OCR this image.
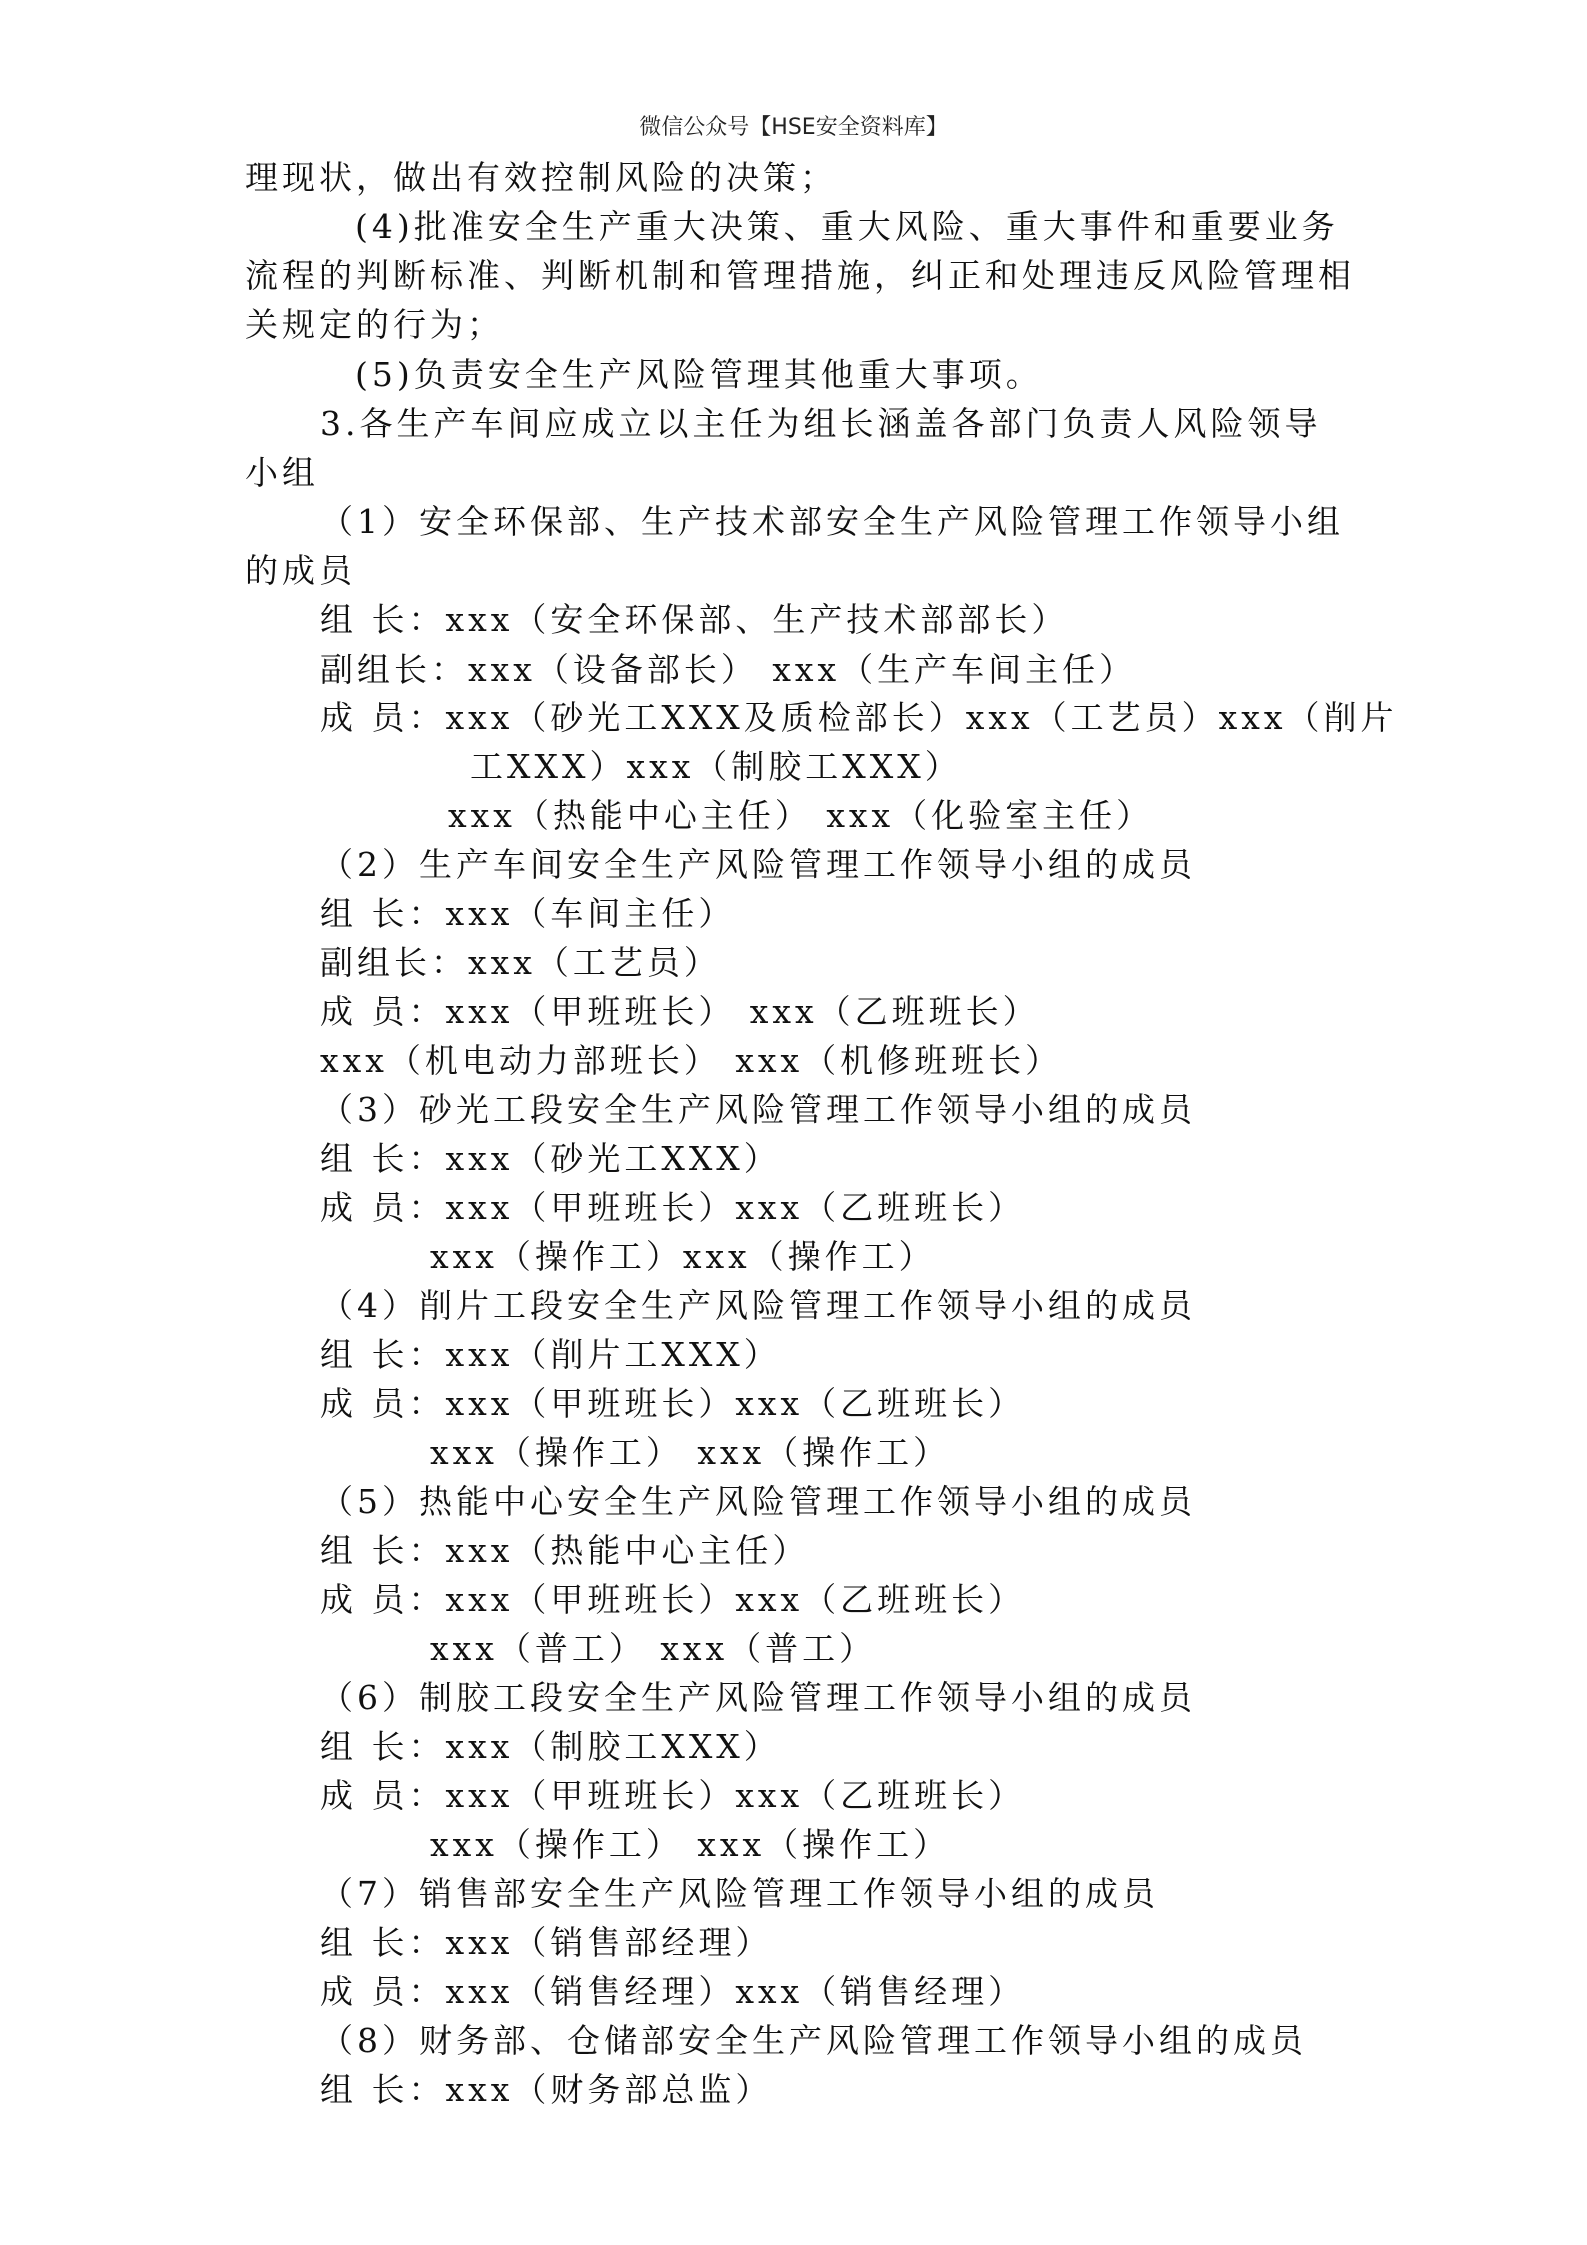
微信公众号【HSE安全资料库】
理现状，做出有效控制风险的决策；
(4)批准安全生产重大决策、重大风险、重大事件和重要业务
流程的判断标准、判断机制和管理措施，纠正和处理违反风险管理相
关规定的行为；
(5)负责安全生产风险管理其他重大事项。
3.各生产车间应成立以主任为组长涵盖各部门负责人风险领导
小组
（1）安全环保部、生产技术部安全生产风险管理工作领导小组
的成员
组 长：xxx（安全环保部、生产技术部部长）
副组长：xxx（设备部长） xxx（生产车间主任）
成 员：xxx（砂光工XXX及质检部长）xxx（工艺员）xxx（削片
工XXX）xxx（制胶工XXX）
xxx（热能中心主任） xxx（化验室主任）
（2）生产车间安全生产风险管理工作领导小组的成员
组 长：xxx（车间主任）
副组长：xxx（工艺员）
成 员：xxx（甲班班长） xxx（乙班班长）
xxx（机电动力部班长） xxx（机修班班长）
（3）砂光工段安全生产风险管理工作领导小组的成员
组 长：xxx（砂光工XXX）
成 员：xxx（甲班班长）xxx（乙班班长）
xxx（操作工）xxx（操作工）
（4）削片工段安全生产风险管理工作领导小组的成员
组 长：xxx（削片工XXX）
成 员：xxx（甲班班长）xxx（乙班班长）
xxx（操作工） xxx（操作工）
（5）热能中心安全生产风险管理工作领导小组的成员
组 长：xxx（热能中心主任）
成 员：xxx（甲班班长）xxx（乙班班长）
xxx（普工） xxx（普工）
（6）制胶工段安全生产风险管理工作领导小组的成员
组 长：xxx（制胶工XXX）
成 员：xxx（甲班班长）xxx（乙班班长）
xxx（操作工） xxx（操作工）
（7）销售部安全生产风险管理工作领导小组的成员
组 长：xxx（销售部经理）
成 员：xxx（销售经理）xxx（销售经理）
（8）财务部、仓储部安全生产风险管理工作领导小组的成员
组 长：xxx（财务部总监）
